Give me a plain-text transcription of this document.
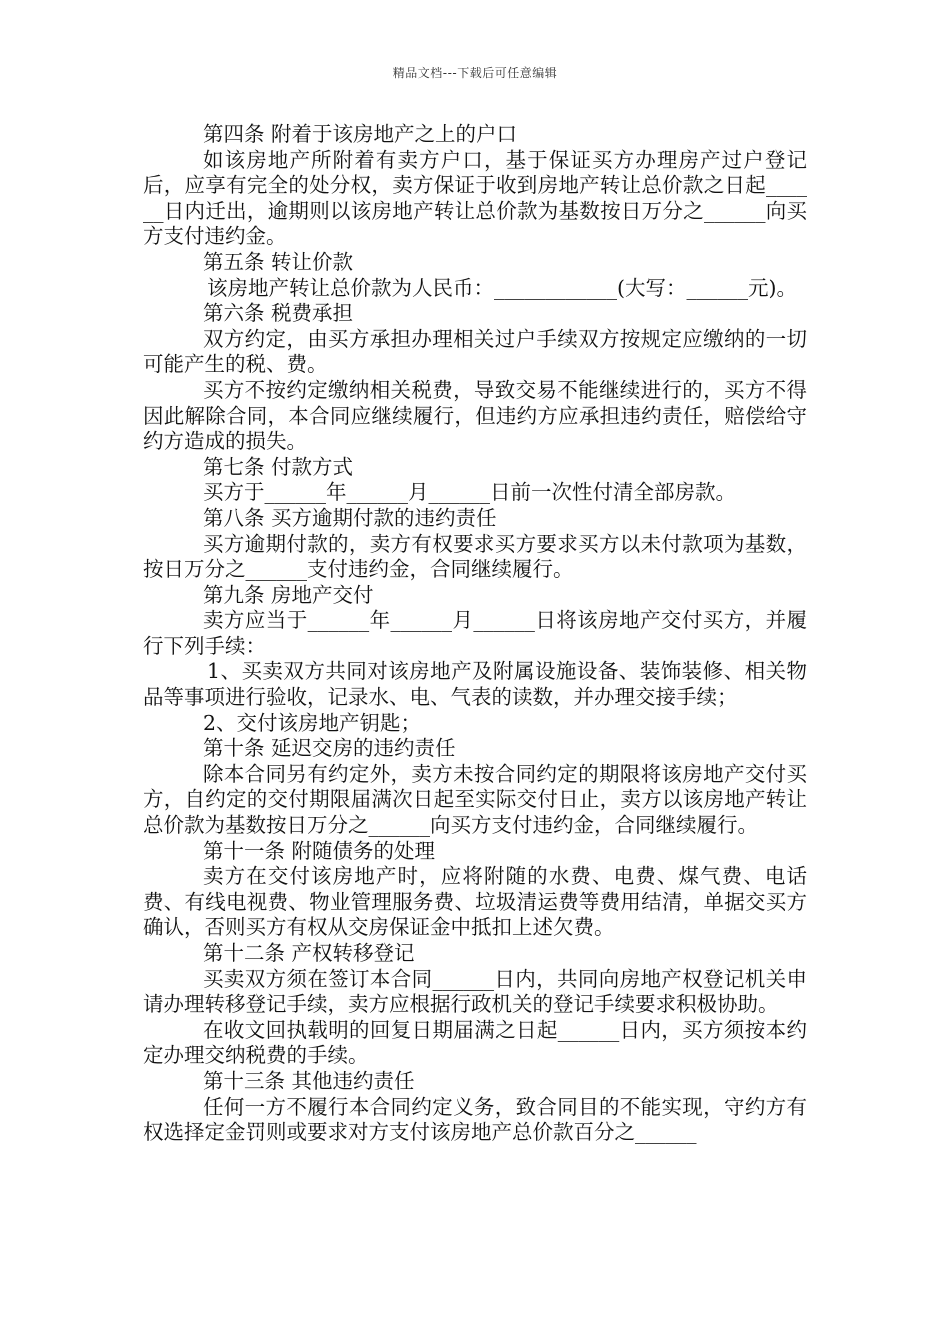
精品文档---下载后可任意编辑

第四条 附着于该房地产之上的户口

如该房地产所附着有卖方户口，基于保证买方办理房产过户登记后，应享有完全的处分权，卖方保证于收到房地产转让总价款之日起______日内迁出，逾期则以该房地产转让总价款为基数按日万分之______向买方支付违约金。

第五条 转让价款

该房地产转让总价款为人民币：____________(大写：______元)。

第六条 税费承担

双方约定，由买方承担办理相关过户手续双方按规定应缴纳的一切可能产生的税、费。

买方不按约定缴纳相关税费，导致交易不能继续进行的，买方不得因此解除合同，本合同应继续履行，但违约方应承担违约责任，赔偿给守约方造成的损失。

第七条 付款方式

买方于______年______月______日前一次性付清全部房款。

第八条 买方逾期付款的违约责任

买方逾期付款的，卖方有权要求买方要求买方以未付款项为基数，按日万分之______支付违约金，合同继续履行。

第九条 房地产交付

卖方应当于______年______月______日将该房地产交付买方，并履行下列手续：

1、买卖双方共同对该房地产及附属设施设备、装饰装修、相关物品等事项进行验收，记录水、电、气表的读数，并办理交接手续；

2、交付该房地产钥匙；

第十条 延迟交房的违约责任

除本合同另有约定外，卖方未按合同约定的期限将该房地产交付买方，自约定的交付期限届满次日起至实际交付日止，卖方以该房地产转让总价款为基数按日万分之______向买方支付违约金，合同继续履行。

第十一条 附随债务的处理

卖方在交付该房地产时，应将附随的水费、电费、煤气费、电话费、有线电视费、物业管理服务费、垃圾清运费等费用结清，单据交买方确认，否则买方有权从交房保证金中抵扣上述欠费。

第十二条 产权转移登记

买卖双方须在签订本合同______日内，共同向房地产权登记机关申请办理转移登记手续，卖方应根据行政机关的登记手续要求积极协助。

在收文回执载明的回复日期届满之日起______日内，买方须按本约定办理交纳税费的手续。

第十三条 其他违约责任

任何一方不履行本合同约定义务，致合同目的不能实现，守约方有权选择定金罚则或要求对方支付该房地产总价款百分之______
